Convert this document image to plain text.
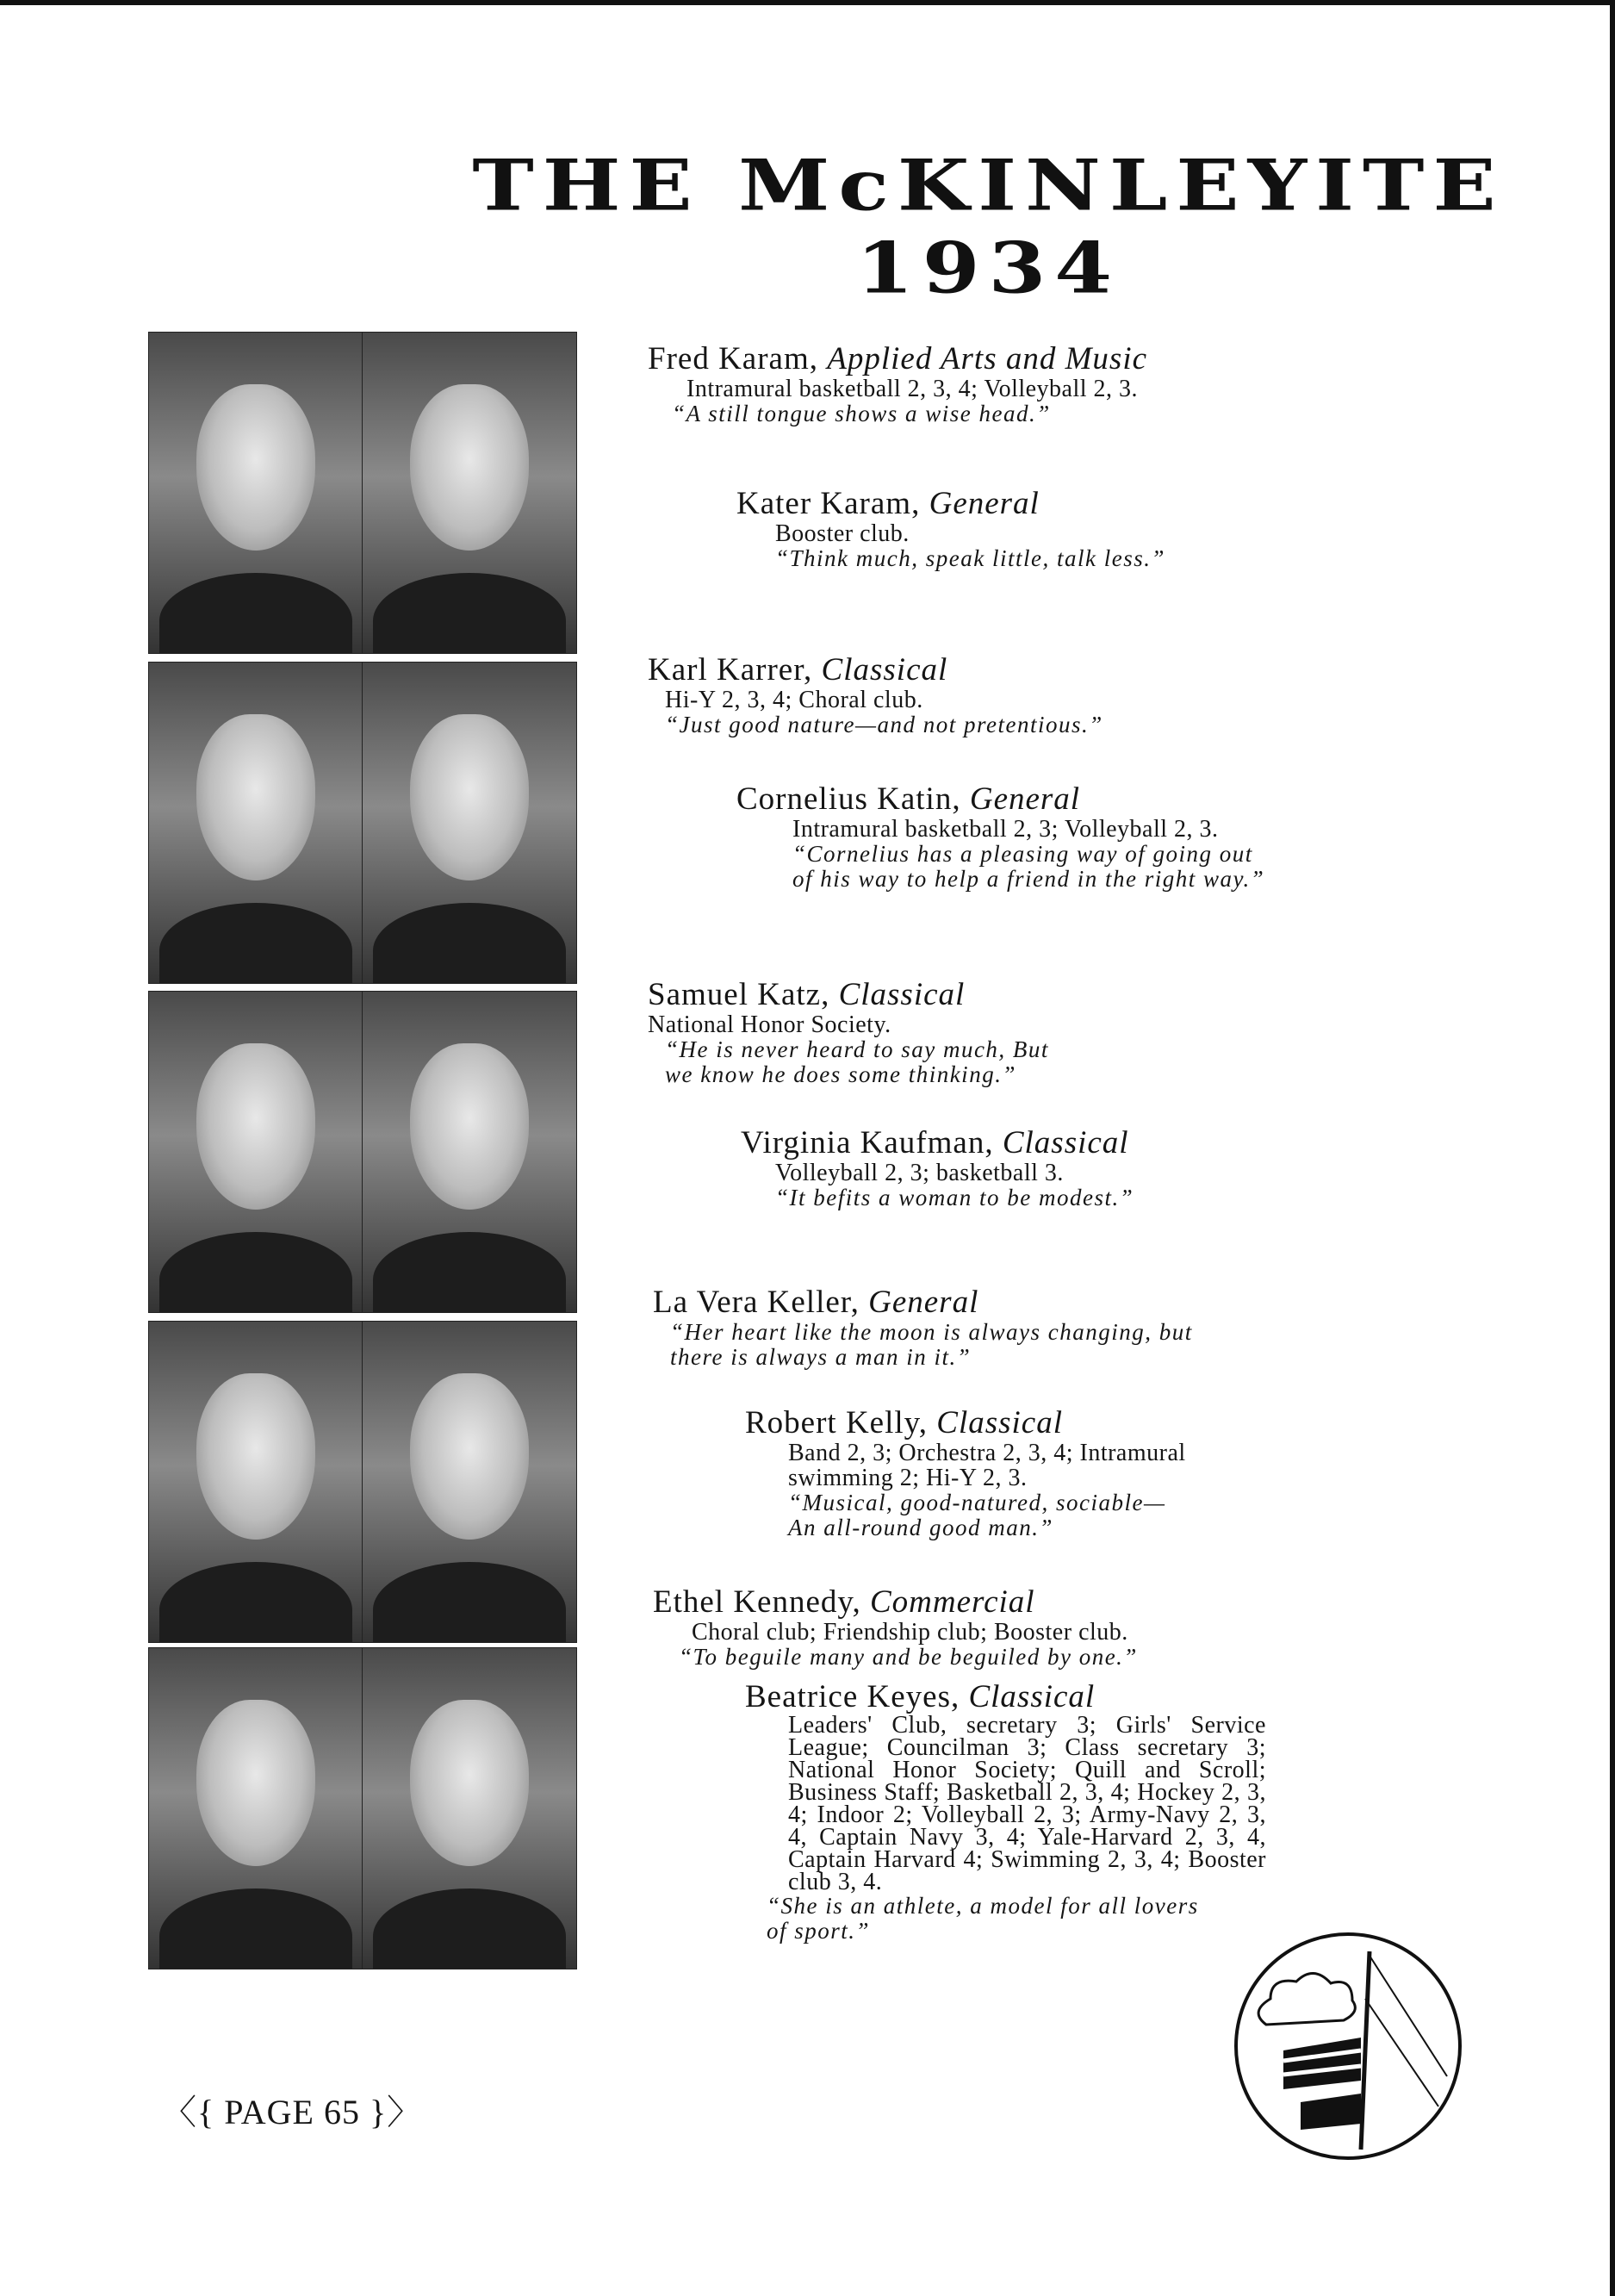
THE McKINLEYITE 1934
Fred Karam, Applied Arts and Music
Intramural basketball 2, 3, 4; Volleyball 2, 3.
“A still tongue shows a wise head.”
Kater Karam, General
Booster club.
“Think much, speak little, talk less.”
Karl Karrer, Classical
Hi-Y 2, 3, 4; Choral club.
“Just good nature—and not pretentious.”
Cornelius Katin, General
Intramural basketball 2, 3; Volleyball 2, 3.
“Cornelius has a pleasing way of going out of his way to help a friend in the right way.”
Samuel Katz, Classical
National Honor Society.
“He is never heard to say much, But we know he does some thinking.”
Virginia Kaufman, Classical
Volleyball 2, 3; basketball 3.
“It befits a woman to be modest.”
La Vera Keller, General
“Her heart like the moon is always changing, but there is always a man in it.”
Robert Kelly, Classical
Band 2, 3; Orchestra 2, 3, 4; Intramural swimming 2; Hi-Y 2, 3.
“Musical, good-natured, sociable— An all-round good man.”
Ethel Kennedy, Commercial
Choral club; Friendship club; Booster club.
“To beguile many and be beguiled by one.”
Beatrice Keyes, Classical
Leaders' Club, secretary 3; Girls' Service League; Councilman 3; Class secretary 3; National Honor Society; Quill and Scroll; Business Staff; Basketball 2, 3, 4; Hockey 2, 3, 4; Indoor 2; Volleyball 2, 3; Army-Navy 2, 3, 4, Captain Navy 3, 4; Yale-Harvard 2, 3, 4, Captain Harvard 4; Swimming 2, 3, 4; Booster club 3, 4.
“She is an athlete, a model for all lovers of sport.”
〈{ PAGE 65 }〉
